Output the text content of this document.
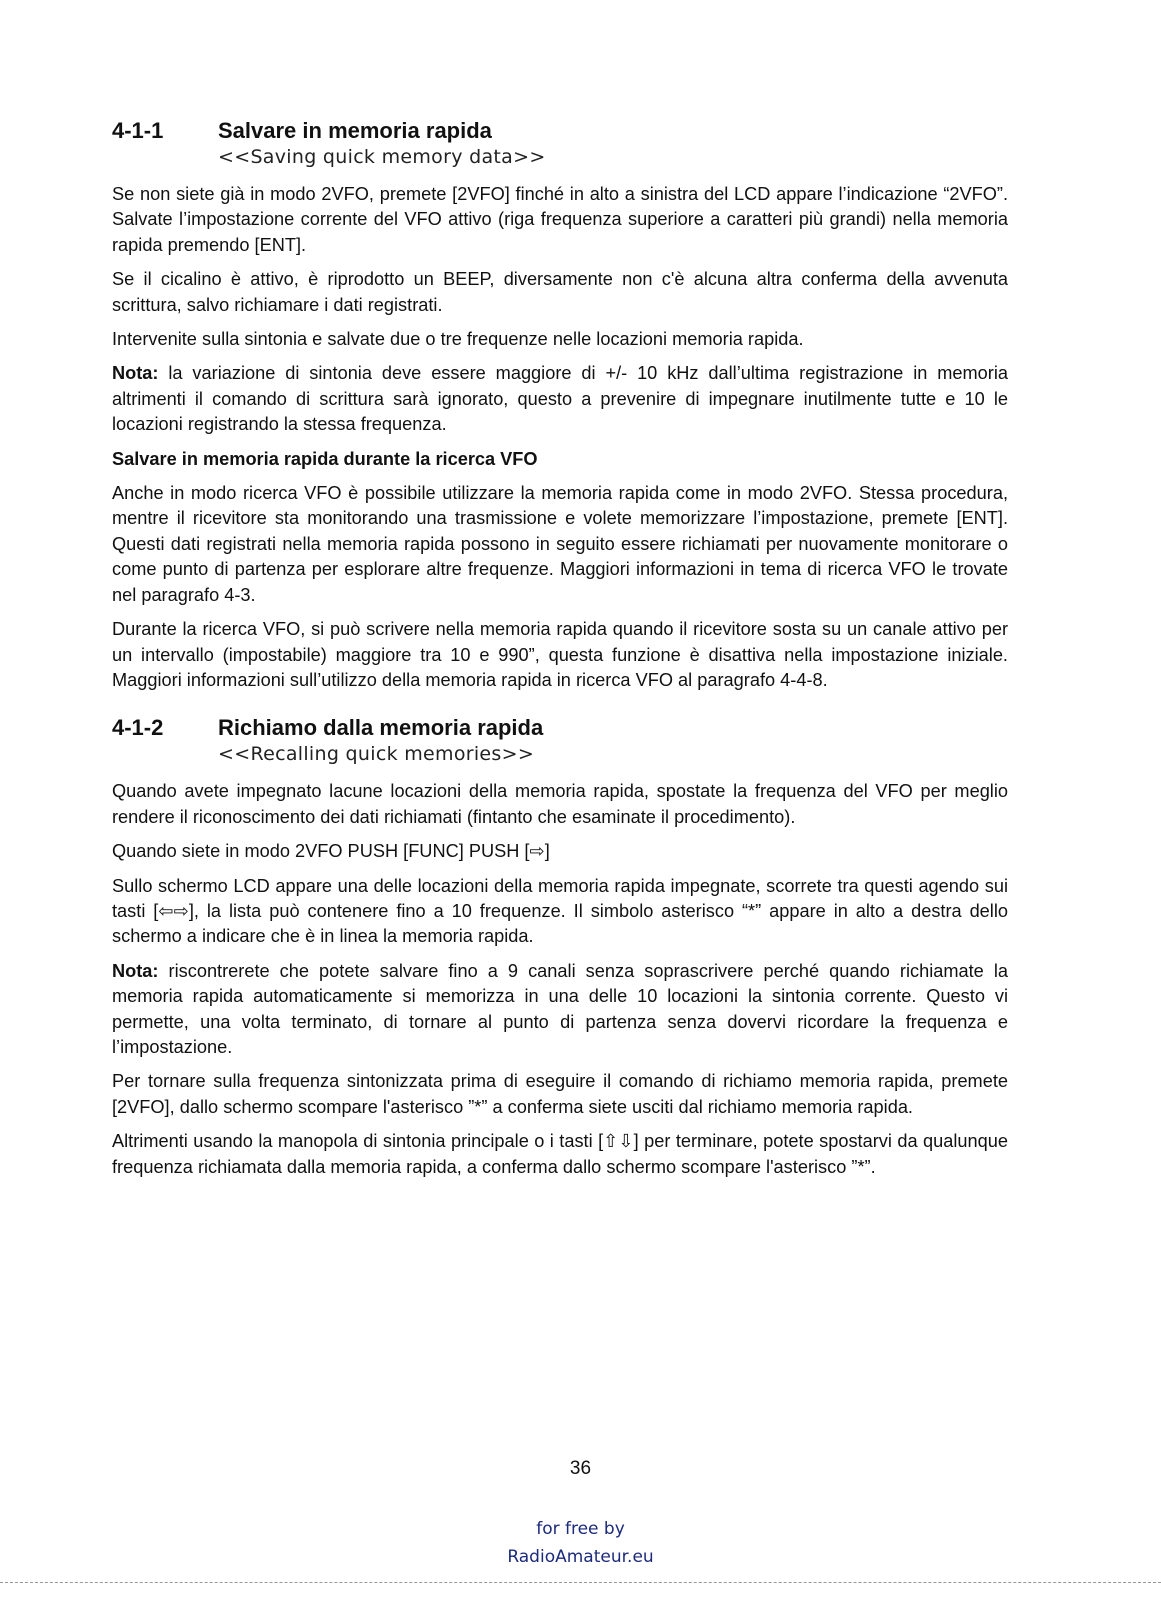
4-1-1	Salvare in memoria rapida
<<Saving quick memory data>>

Se non siete già in modo 2VFO, premete [2VFO] finché in alto a sinistra del LCD appare l’indicazione “2VFO”. Salvate l’impostazione corrente del VFO attivo (riga frequenza superiore a caratteri più grandi) nella memoria rapida premendo [ENT].

Se il cicalino è attivo, è riprodotto un BEEP, diversamente non c'è alcuna altra conferma della avvenuta scrittura, salvo richiamare i dati registrati.

Intervenite sulla sintonia e salvate due o tre frequenze nelle locazioni memoria rapida.

Nota: la variazione di sintonia deve essere maggiore di +/- 10 kHz dall’ultima registrazione in memoria altrimenti il comando di scrittura sarà ignorato, questo a prevenire di impegnare inutilmente tutte e 10 le locazioni registrando la stessa frequenza.

Salvare in memoria rapida durante la ricerca VFO

Anche in modo ricerca VFO è possibile utilizzare la memoria rapida come in modo 2VFO. Stessa procedura, mentre il ricevitore sta monitorando una trasmissione e volete memorizzare l’impostazione, premete [ENT]. Questi dati registrati nella memoria rapida possono in seguito essere richiamati per nuovamente monitorare o come punto di partenza per esplorare altre frequenze. Maggiori informazioni in tema di ricerca VFO le trovate nel paragrafo 4-3.

Durante la ricerca VFO, si può scrivere nella memoria rapida quando il ricevitore sosta su un canale attivo per un intervallo (impostabile) maggiore tra 10 e 990”, questa funzione è disattiva nella impostazione iniziale. Maggiori informazioni sull’utilizzo della memoria rapida in ricerca VFO al paragrafo 4-4-8.

4-1-2	Richiamo dalla memoria rapida
<<Recalling quick memories>>

Quando avete impegnato lacune locazioni della memoria rapida, spostate la frequenza del VFO per meglio rendere il riconoscimento dei dati richiamati (fintanto che esaminate il procedimento).

Quando siete in modo 2VFO PUSH [FUNC] PUSH [⇨]

Sullo schermo LCD appare una delle locazioni della memoria rapida impegnate, scorrete tra questi agendo sui tasti [⇦⇨], la lista può contenere fino a 10 frequenze. Il simbolo asterisco “*” appare in alto a destra dello schermo a indicare che è in linea la memoria rapida.

Nota: riscontrerete che potete salvare fino a 9 canali senza soprascrivere perché quando richiamate la memoria rapida automaticamente si memorizza in una delle 10 locazioni la sintonia corrente. Questo vi permette, una volta terminato, di tornare al punto di partenza senza dovervi ricordare la frequenza e l’impostazione.

Per tornare sulla frequenza sintonizzata prima di eseguire il comando di richiamo memoria rapida, premete [2VFO], dallo schermo scompare l'asterisco ”*” a conferma siete usciti dal richiamo memoria rapida.

Altrimenti usando la manopola di sintonia principale o i tasti [⇧⇩] per terminare, potete spostarvi da qualunque frequenza richiamata dalla memoria rapida, a conferma dallo schermo scompare l'asterisco ”*”.

36
for free by
RadioAmateur.eu
